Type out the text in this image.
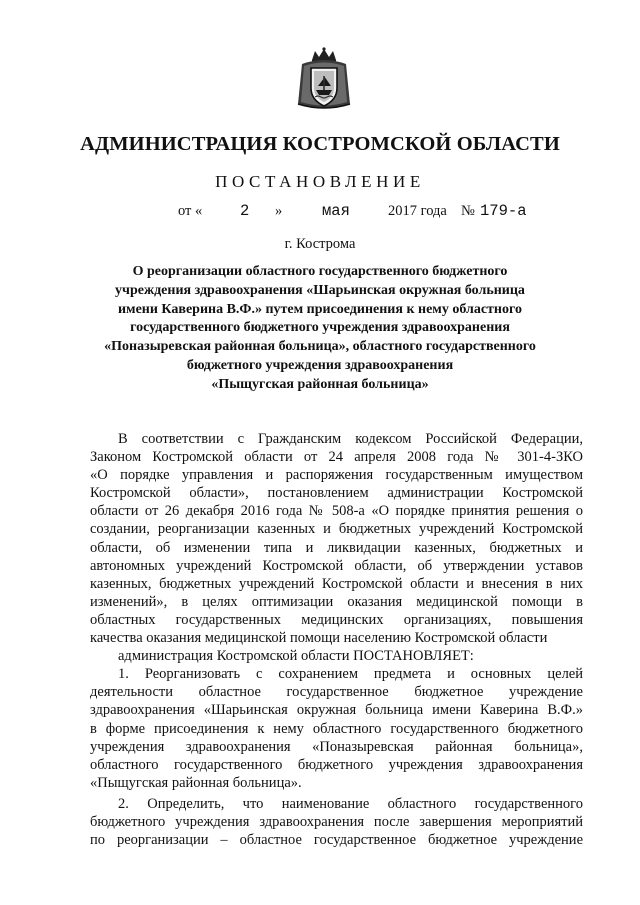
АДМИНИСТРАЦИЯ КОСТРОМСКОЙ ОБЛАСТИ
ПОСТАНОВЛЕНИЕ
от « 2 »	мая	2017 года № 179-а
г. Кострома
О реорганизации областного государственного бюджетного
учреждения здравоохранения «Шарьинская окружная больница
имени Каверина В.Ф.» путем присоединения к нему областного
государственного бюджетного учреждения здравоохранения
«Поназыревская районная больница», областного государственного
бюджетного учреждения здравоохранения
«Пыщугская районная больница»
В соответствии с Гражданским кодексом Российской Федерации,
Законом Костромской области от 24 апреля 2008 года № 301-4-ЗКО
«О порядке управления и распоряжения государственным имуществом
Костромской области», постановлением администрации Костромской
области от 26 декабря 2016 года № 508-а «О порядке принятия решения о
создании, реорганизации казенных и бюджетных учреждений Костромской
области, об изменении типа и ликвидации казенных, бюджетных и
автономных учреждений Костромской области, об утверждении уставов
казенных, бюджетных учреждений Костромской области и внесения в них
изменений», в целях оптимизации оказания медицинской помощи в
областных государственных медицинских организациях, повышения
качества оказания медицинской помощи населению Костромской области
администрация Костромской области ПОСТАНОВЛЯЕТ:
1. Реорганизовать с сохранением предмета и основных целей
деятельности областное государственное бюджетное учреждение
здравоохранения «Шарьинская окружная больница имени Каверина В.Ф.»
в форме присоединения к нему областного государственного бюджетного
учреждения здравоохранения «Поназыревская районная больница»,
областного государственного бюджетного учреждения здравоохранения
«Пыщугская районная больница».
2. Определить, что наименование областного государственного
бюджетного учреждения здравоохранения после завершения мероприятий
по реорганизации – областное государственное бюджетное учреждение
